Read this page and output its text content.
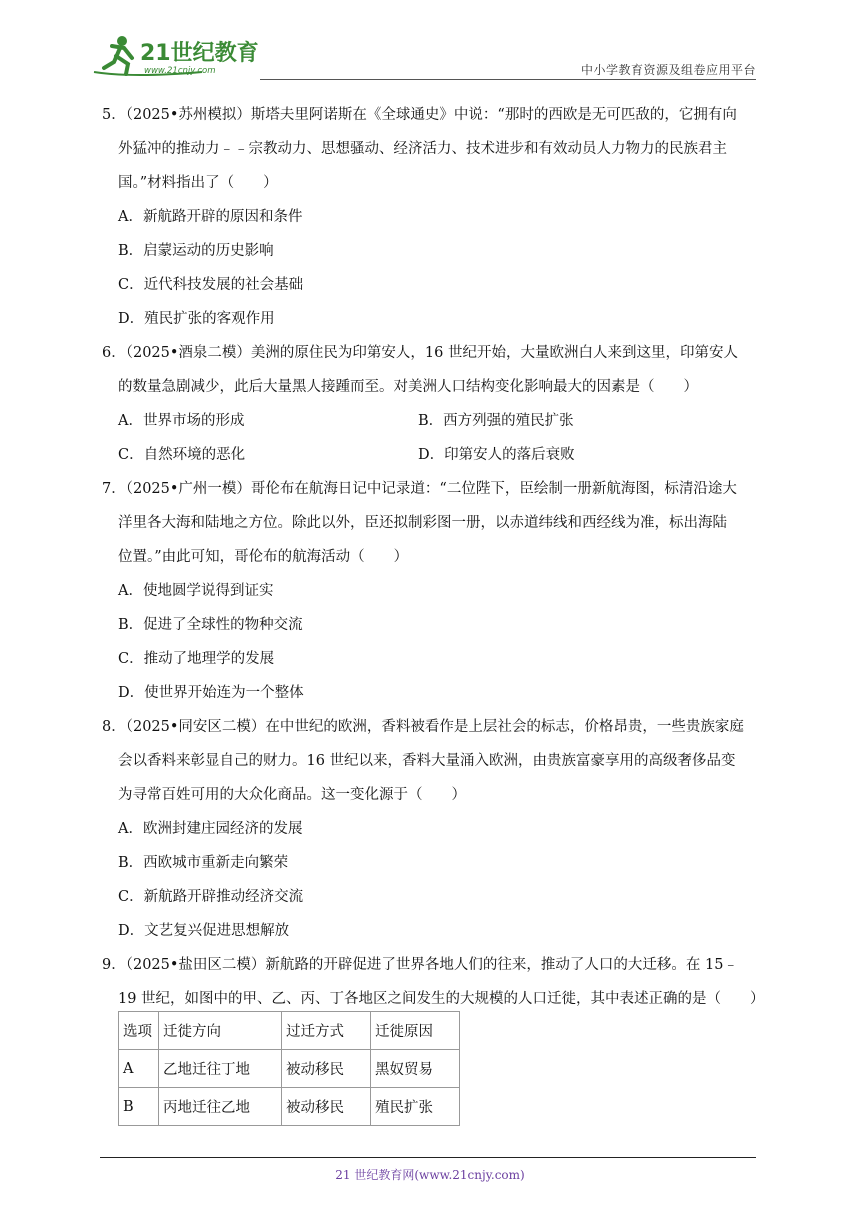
21世纪教育
www.21cnjy.com	中小学教育资源及组卷应用平台
5．（2025•苏州模拟）斯塔夫里阿诺斯在《全球通史》中说：“那时的西欧是无可匹敌的，它拥有向
外猛冲的推动力﹣﹣宗教动力、思想骚动、经济活力、技术进步和有效动员人力物力的民族君主
国。”材料指出了（　　）
A．新航路开辟的原因和条件
B．启蒙运动的历史影响
C．近代科技发展的社会基础
D．殖民扩张的客观作用
6．（2025•酒泉二模）美洲的原住民为印第安人，16 世纪开始，大量欧洲白人来到这里，印第安人
的数量急剧减少，此后大量黑人接踵而至。对美洲人口结构变化影响最大的因素是（　　）
A．世界市场的形成	B．西方列强的殖民扩张
C．自然环境的恶化	D．印第安人的落后衰败
7．（2025•广州一模）哥伦布在航海日记中记录道：“二位陛下，臣绘制一册新航海图，标清沿途大
洋里各大海和陆地之方位。除此以外，臣还拟制彩图一册，以赤道纬线和西经线为准，标出海陆
位置。”由此可知，哥伦布的航海活动（　　）
A．使地圆学说得到证实
B．促进了全球性的物种交流
C．推动了地理学的发展
D．使世界开始连为一个整体
8．（2025•同安区二模）在中世纪的欧洲，香料被看作是上层社会的标志，价格昂贵，一些贵族家庭
会以香料来彰显自己的财力。16 世纪以来，香料大量涌入欧洲，由贵族富豪享用的高级奢侈品变
为寻常百姓可用的大众化商品。这一变化源于（　　）
A．欧洲封建庄园经济的发展
B．西欧城市重新走向繁荣
C．新航路开辟推动经济交流
D．文艺复兴促进思想解放
9．（2025•盐田区二模）新航路的开辟促进了世界各地人们的往来，推动了人口的大迁移。在 15﹣
19 世纪，如图中的甲、乙、丙、丁各地区之间发生的大规模的人口迁徙，其中表述正确的是（　　）
选项	迁徙方向	过迁方式	迁徙原因
A	乙地迁往丁地	被动移民	黑奴贸易
B	丙地迁往乙地	被动移民	殖民扩张
21 世纪教育网(www.21cnjy.com)
